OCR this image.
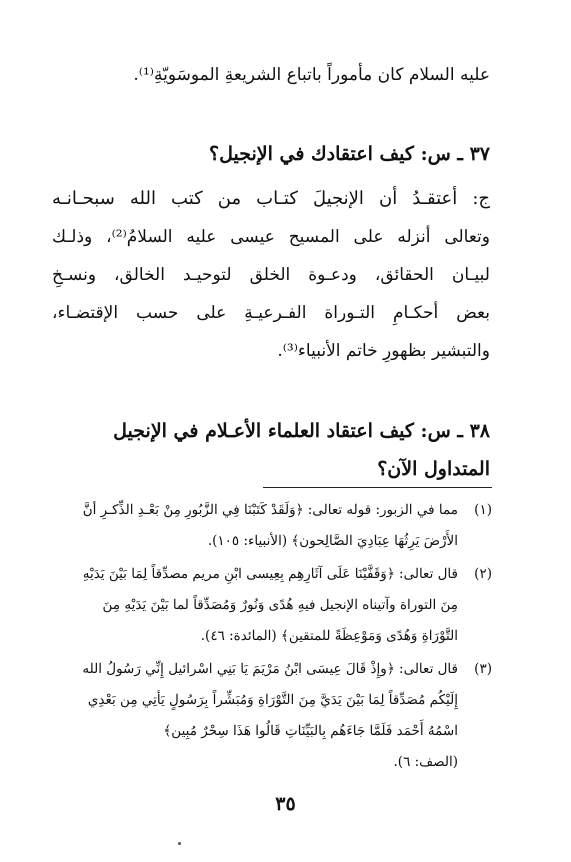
عليه السلام كان مأموراً باتباع الشريعةِ الموسَويّةِ⁽¹⁾.
٣٧ ـ س: كيف اعتقادك في الإنجيل؟
ج: أعتقـدُ أن الإنجيلَ كتـاب من كتب الله سبحـانـه
وتعالى أنزله على المسيح عيسى عليه السلامُ⁽²⁾، وذلـك
لبيـان الحقائق، ودعـوة الخلق لتوحيـد الخالق، ونسـخِ
بعض أحكـامِ التـوراة الفـرعيـةِ على حسب الإقتضـاء،
والتبشير بظهورِ خاتم الأنبياء⁽³⁾.
٣٨ ـ س: كيف اعتقاد العلماء الأعـلام في الإنجيل
المتداول الآن؟
(١)مما في الزبور: قوله تعالى: ﴿وَلَقَدْ كَتَبْنَا فِي الزَّبُورِ مِنْ بَعْـدِ الذِّكـرِ أنَّ
الأَرْضَ يَرِثُهَا عِبَادِيَ الصَّالِحون﴾ (الأنبياء: ١٠٥).
(٢)قال تعالى: ﴿وَقَفَّيْنَا عَلَى آثَارِهِم بِعِيسى ابْنِ مريم مصدِّقاً لِمَا بَيْنَ يَدَيْهِ
مِنَ التوراة وآتيناه الإنجيل فيهِ هُدًى وَنُورٌ وَمُصَدِّقاً لما بَيْنَ يَدَيْهِ مِنَ
التَّوْرَاةِ وَهُدًى وَمَوْعِظَةً للمتقين﴾ (المائدة: ٤٦).
(٣)قال تعالى: ﴿وإِذْ قَالَ عِيسَى ابْنُ مَرْيَمَ يَا بَنِي اسْرائيل إِنِّي رَسُولُ الله
إِلَيْكُم مُصَدِّقاً لِمَا بَيْنَ يَدَيَّ مِنَ التَّوْرَاةِ وَمُبَشِّراً بِرَسُولٍ يَأتِي مِن بَعْدِي
اسْمُهُ أَحْمَد فَلَمَّا جَاءَهُم بِالبَيِّنَاتِ قَالُوا هَذَا سِحْرٌ مُبِين﴾
(الصف: ٦).
٣٥
